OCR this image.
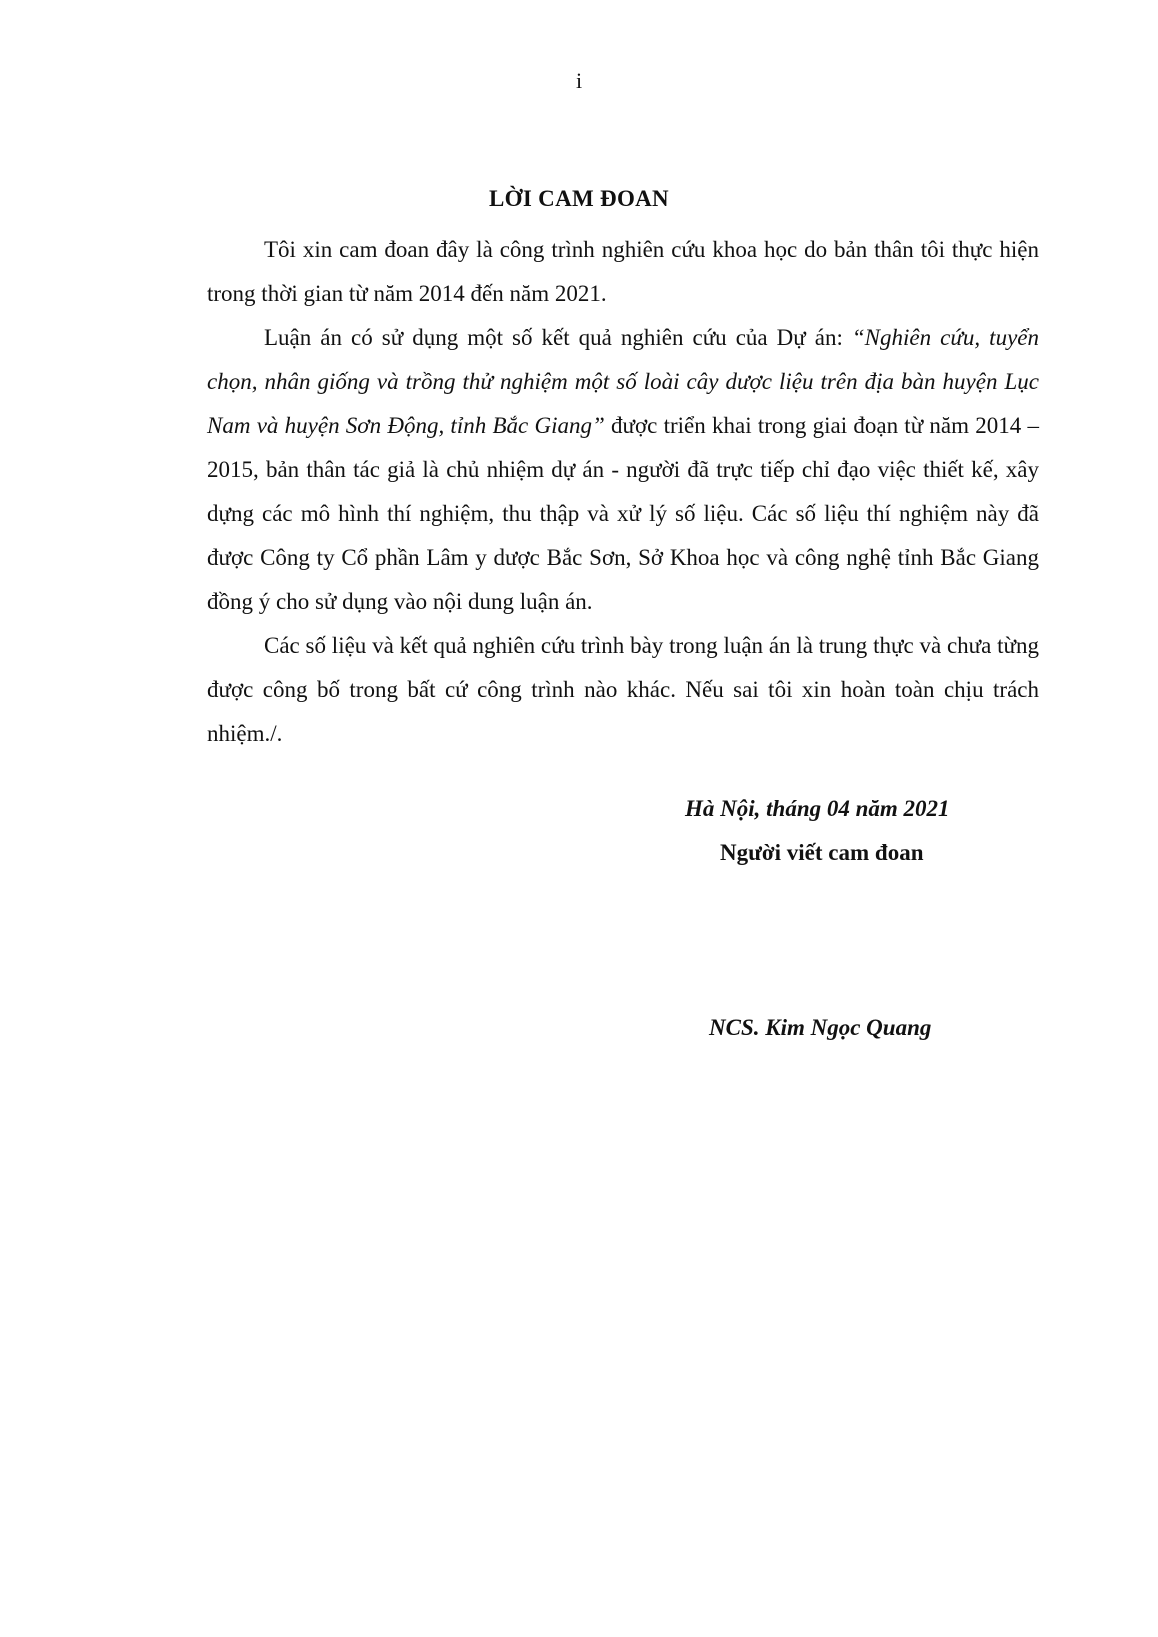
i
LỜI CAM ĐOAN

Tôi xin cam đoan đây là công trình nghiên cứu khoa học do bản thân tôi thực hiện trong thời gian từ năm 2014 đến năm 2021.

Luận án có sử dụng một số kết quả nghiên cứu của Dự án: “Nghiên cứu, tuyển chọn, nhân giống và trồng thử nghiệm một số loài cây dược liệu trên địa bàn huyện Lục Nam và huyện Sơn Động, tỉnh Bắc Giang” được triển khai trong giai đoạn từ năm 2014 – 2015, bản thân tác giả là chủ nhiệm dự án - người đã trực tiếp chỉ đạo việc thiết kế, xây dựng các mô hình thí nghiệm, thu thập và xử lý số liệu. Các số liệu thí nghiệm này đã được Công ty Cổ phần Lâm y dược Bắc Sơn, Sở Khoa học và công nghệ tỉnh Bắc Giang đồng ý cho sử dụng vào nội dung luận án.

Các số liệu và kết quả nghiên cứu trình bày trong luận án là trung thực và chưa từng được công bố trong bất cứ công trình nào khác. Nếu sai tôi xin hoàn toàn chịu trách nhiệm./.

Hà Nội, tháng 04 năm 2021
Người viết cam đoan
NCS. Kim Ngọc Quang
